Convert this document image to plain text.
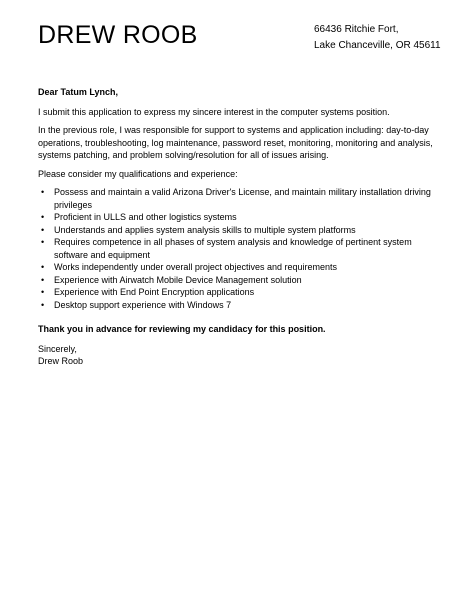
DREW ROOB	66436 Ritchie Fort,
Lake Chanceville, OR 45611

Dear Tatum Lynch,

I submit this application to express my sincere interest in the computer systems position.

In the previous role, I was responsible for support to systems and application including: day-to-day operations, troubleshooting, log maintenance, password reset, monitoring, monitoring and analysis, systems patching, and problem solving/resolution for all of issues arising.

Please consider my qualifications and experience:

• Possess and maintain a valid Arizona Driver's License, and maintain military installation driving privileges
• Proficient in ULLS and other logistics systems
• Understands and applies system analysis skills to multiple system platforms
• Requires competence in all phases of system analysis and knowledge of pertinent system software and equipment
• Works independently under overall project objectives and requirements
• Experience with Airwatch Mobile Device Management solution
• Experience with End Point Encryption applications
• Desktop support experience with Windows 7

Thank you in advance for reviewing my candidacy for this position.

Sincerely,
Drew Roob
